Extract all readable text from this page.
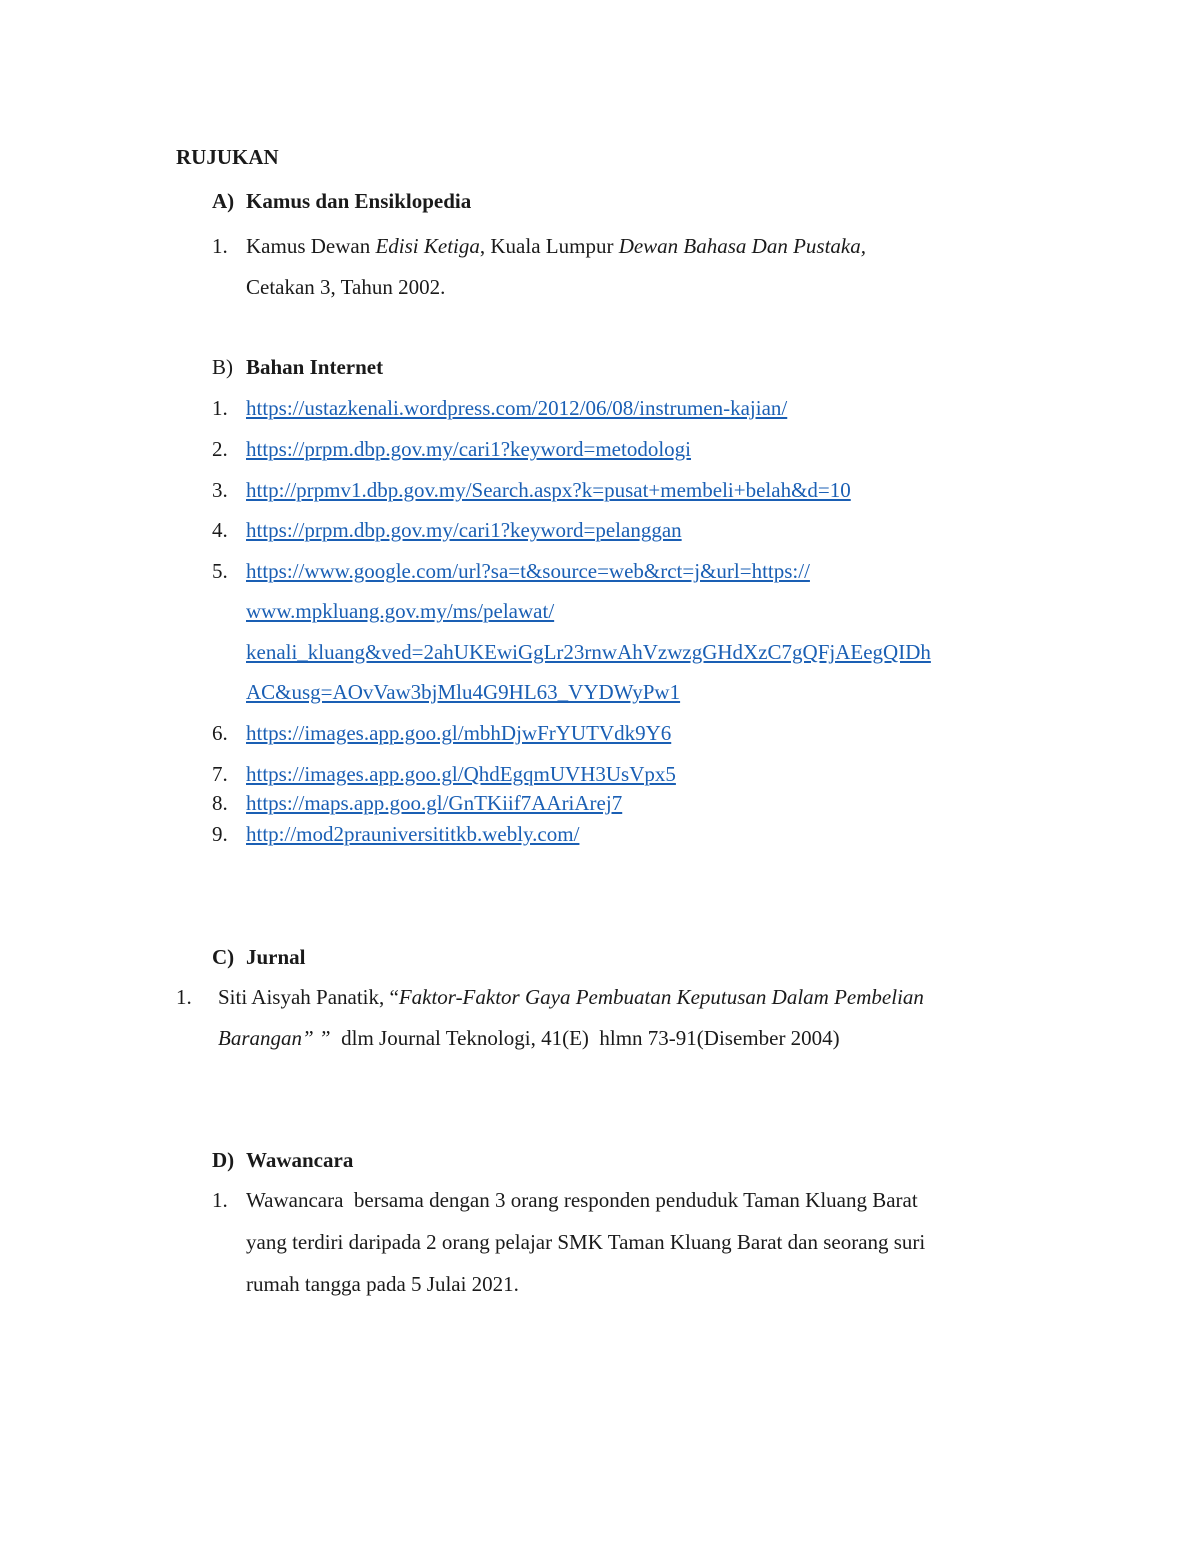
RUJUKAN
A) Kamus dan Ensiklopedia
1. Kamus Dewan Edisi Ketiga, Kuala Lumpur Dewan Bahasa Dan Pustaka,
Cetakan 3, Tahun 2002.
B) Bahan Internet
1. https://ustazkenali.wordpress.com/2012/06/08/instrumen-kajian/
2. https://prpm.dbp.gov.my/cari1?keyword=metodologi
3. http://prpmv1.dbp.gov.my/Search.aspx?k=pusat+membeli+belah&d=10
4. https://prpm.dbp.gov.my/cari1?keyword=pelanggan
5. https://www.google.com/url?sa=t&source=web&rct=j&url=https://
www.mpkluang.gov.my/ms/pelawat/
kenali_kluang&ved=2ahUKEwiGgLr23rnwAhVzwzgGHdXzC7gQFjAEegQIDh
AC&usg=AOvVaw3bjMlu4G9HL63_VYDWyPw1
6. https://images.app.goo.gl/mbhDjwFrYUTVdk9Y6
7. https://images.app.goo.gl/QhdEgqmUVH3UsVpx5
8. https://maps.app.goo.gl/GnTKiif7AAriArej7
9. http://mod2prauniversititkb.webly.com/
C) Jurnal
1. Siti Aisyah Panatik, “Faktor-Faktor Gaya Pembuatan Keputusan Dalam Pembelian
Barangan” ”  dlm Journal Teknologi, 41(E)  hlmn 73-91(Disember 2004)
D) Wawancara
1. Wawancara  bersama dengan 3 orang responden penduduk Taman Kluang Barat
yang terdiri daripada 2 orang pelajar SMK Taman Kluang Barat dan seorang suri
rumah tangga pada 5 Julai 2021.
